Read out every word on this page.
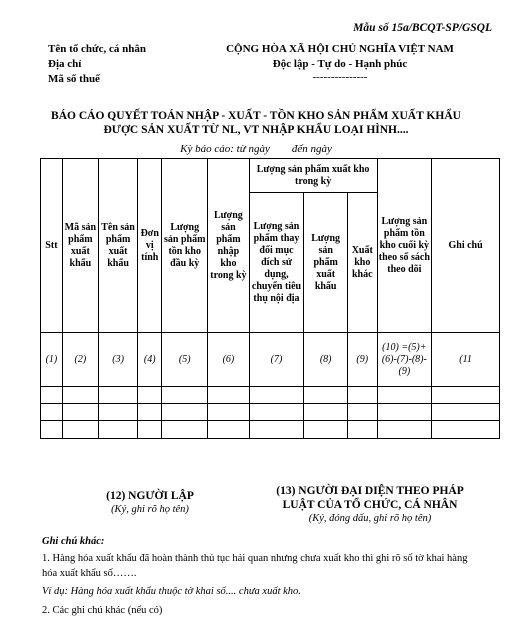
Mẫu số 15a/BCQT-SP/GSQL
Tên tổ chức, cá nhân
Địa chỉ
Mã số thuế
CỘNG HÒA XÃ HỘI CHỦ NGHĨA VIỆT NAM
Độc lập - Tự do - Hạnh phúc
---------------
BÁO CÁO QUYẾT TOÁN NHẬP - XUẤT - TỒN KHO SẢN PHẨM XUẤT KHẨU
ĐƯỢC SẢN XUẤT TỪ NL, VT NHẬP KHẨU LOẠI HÌNH....
Kỳ báo cáo: từ ngày        đến ngày
Stt	Mã sản phẩm xuất khẩu	Tên sản phẩm xuất khẩu	Đơn vị tính	Lượng sản phẩm tồn kho đầu kỳ	Lượng sản phẩm nhập kho trong kỳ	Lượng sản phẩm xuất kho trong kỳ			Lượng sản phẩm tồn kho cuối kỳ theo sổ sách theo dõi	Ghi chú
						Lượng sản phẩm thay đổi mục đích sử dụng, chuyển tiêu thụ nội địa	Lượng sản phẩm xuất khẩu	Xuất kho khác		
(1)	(2)	(3)	(4)	(5)	(6)	(7)	(8)	(9)	(10) =(5)+(6)-(7)-(8)-(9)	(11

(12) NGƯỜI LẬP
(Ký, ghi rõ họ tên)
(13) NGƯỜI ĐẠI DIỆN THEO PHÁP LUẬT CỦA TỔ CHỨC, CÁ NHÂN
(Ký, đóng dấu, ghi rõ họ tên)
Ghi chú khác:
1. Hàng hóa xuất khẩu đã hoàn thành thủ tục hải quan nhưng chưa xuất kho thì ghi rõ số tờ khai hàng hóa xuất khẩu số…….
Ví dụ: Hàng hóa xuất khẩu thuộc tờ khai số.... chưa xuất kho.
2. Các ghi chú khác (nếu có)
